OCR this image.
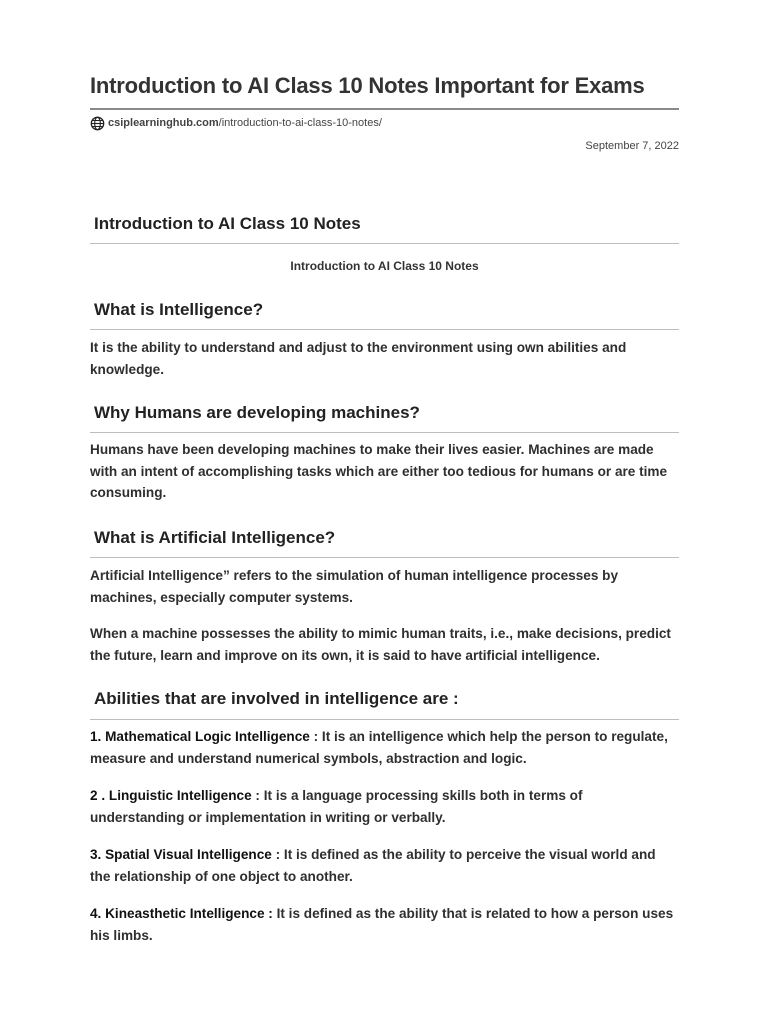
Introduction to AI Class 10 Notes Important for Exams
csiplearninghub.com /introduction-to-ai-class-10-notes/
September 7, 2022
Introduction to AI Class 10 Notes
Introduction to AI Class 10 Notes
What is Intelligence?

It is the ability to understand and adjust to the environment using own abilities and knowledge.

Why Humans are developing machines?

Humans have been developing machines to make their lives easier. Machines are made with an intent of accomplishing tasks which are either too tedious for humans or are time consuming.

What is Artificial Intelligence?

Artificial Intelligence” refers to the simulation of human intelligence processes by machines, especially computer systems.

When a machine possesses the ability to mimic human traits, i.e., make decisions, predict the future, learn and improve on its own, it is said to have artificial intelligence.

Abilities that are involved in intelligence are :

1. Mathematical Logic Intelligence : It is an intelligence which help the person to regulate, measure and understand numerical symbols, abstraction and logic.

2 . Linguistic Intelligence : It is a language processing skills both in terms of understanding or implementation in writing or verbally.

3. Spatial Visual Intelligence : It is defined as the ability to perceive the visual world and the relationship of one object to another.

4. Kineasthetic Intelligence : It is defined as the ability that is related to how a person uses his limbs.
